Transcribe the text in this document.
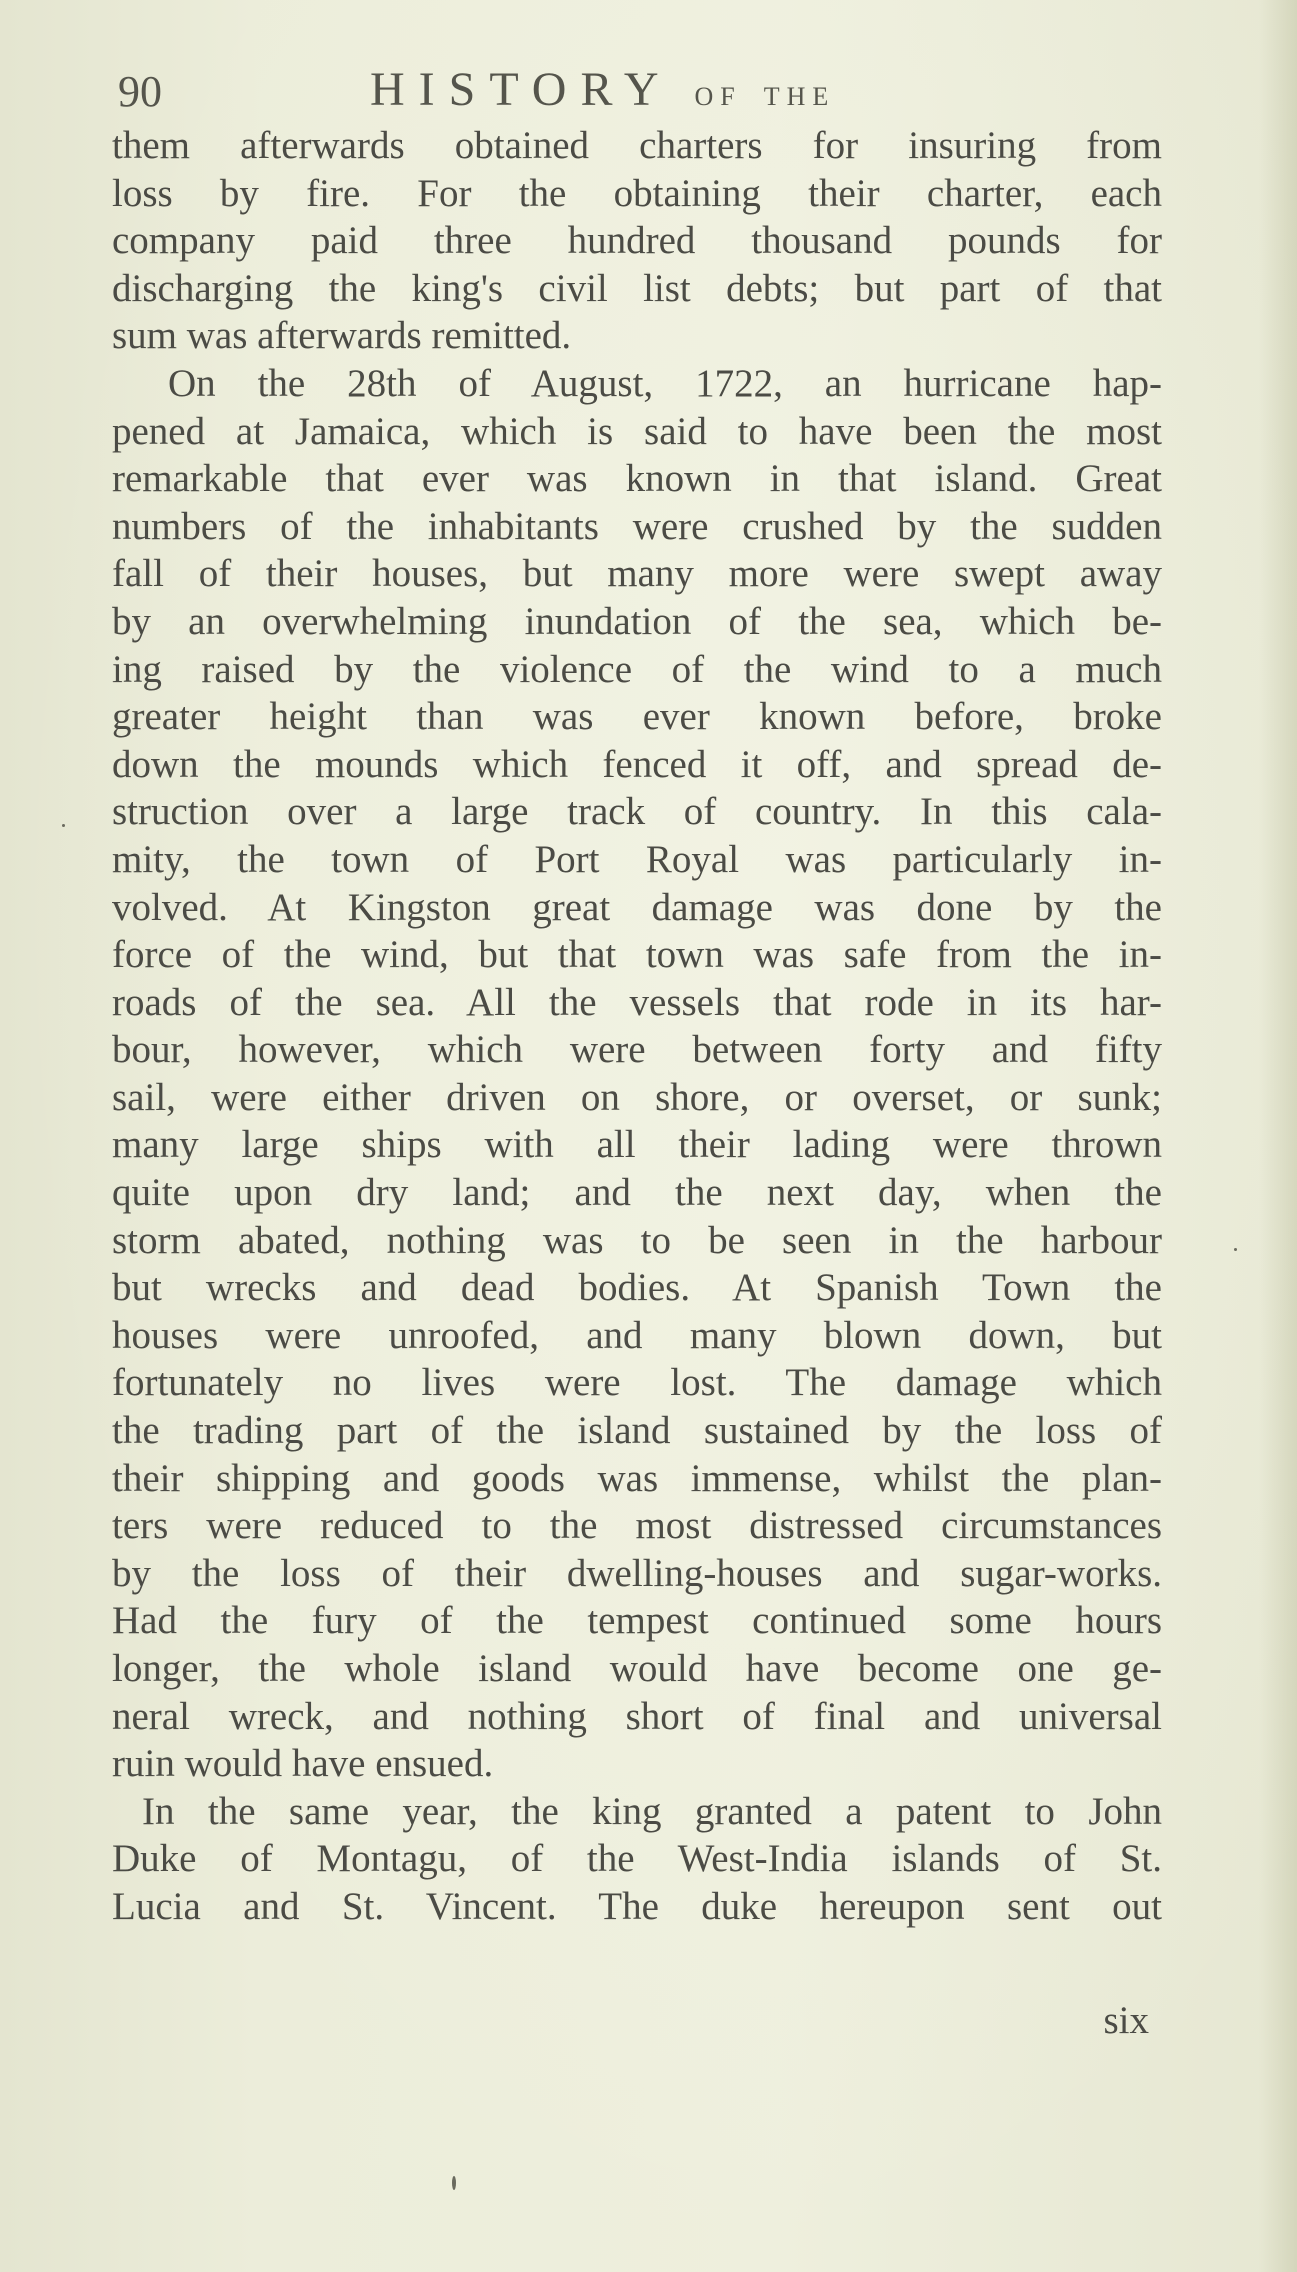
90	HISTORY OF THE
them afterwards obtained charters for insuring from
loss by fire. For the obtaining their charter, each
company paid three hundred thousand pounds for
discharging the king's civil list debts; but part of that
sum was afterwards remitted.
On the 28th of August, 1722, an hurricane hap-
pened at Jamaica, which is said to have been the most
remarkable that ever was known in that island. Great
numbers of the inhabitants were crushed by the sudden
fall of their houses, but many more were swept away
by an overwhelming inundation of the sea, which be-
ing raised by the violence of the wind to a much
greater height than was ever known before, broke
down the mounds which fenced it off, and spread de-
struction over a large track of country. In this cala-
mity, the town of Port Royal was particularly in-
volved. At Kingston great damage was done by the
force of the wind, but that town was safe from the in-
roads of the sea. All the vessels that rode in its har-
bour, however, which were between forty and fifty
sail, were either driven on shore, or overset, or sunk;
many large ships with all their lading were thrown
quite upon dry land; and the next day, when the
storm abated, nothing was to be seen in the harbour
but wrecks and dead bodies. At Spanish Town the
houses were unroofed, and many blown down, but
fortunately no lives were lost. The damage which
the trading part of the island sustained by the loss of
their shipping and goods was immense, whilst the plan-
ters were reduced to the most distressed circumstances
by the loss of their dwelling-houses and sugar-works.
Had the fury of the tempest continued some hours
longer, the whole island would have become one ge-
neral wreck, and nothing short of final and universal
ruin would have ensued.
In the same year, the king granted a patent to John
Duke of Montagu, of the West-India islands of St.
Lucia and St. Vincent. The duke hereupon sent out
six
